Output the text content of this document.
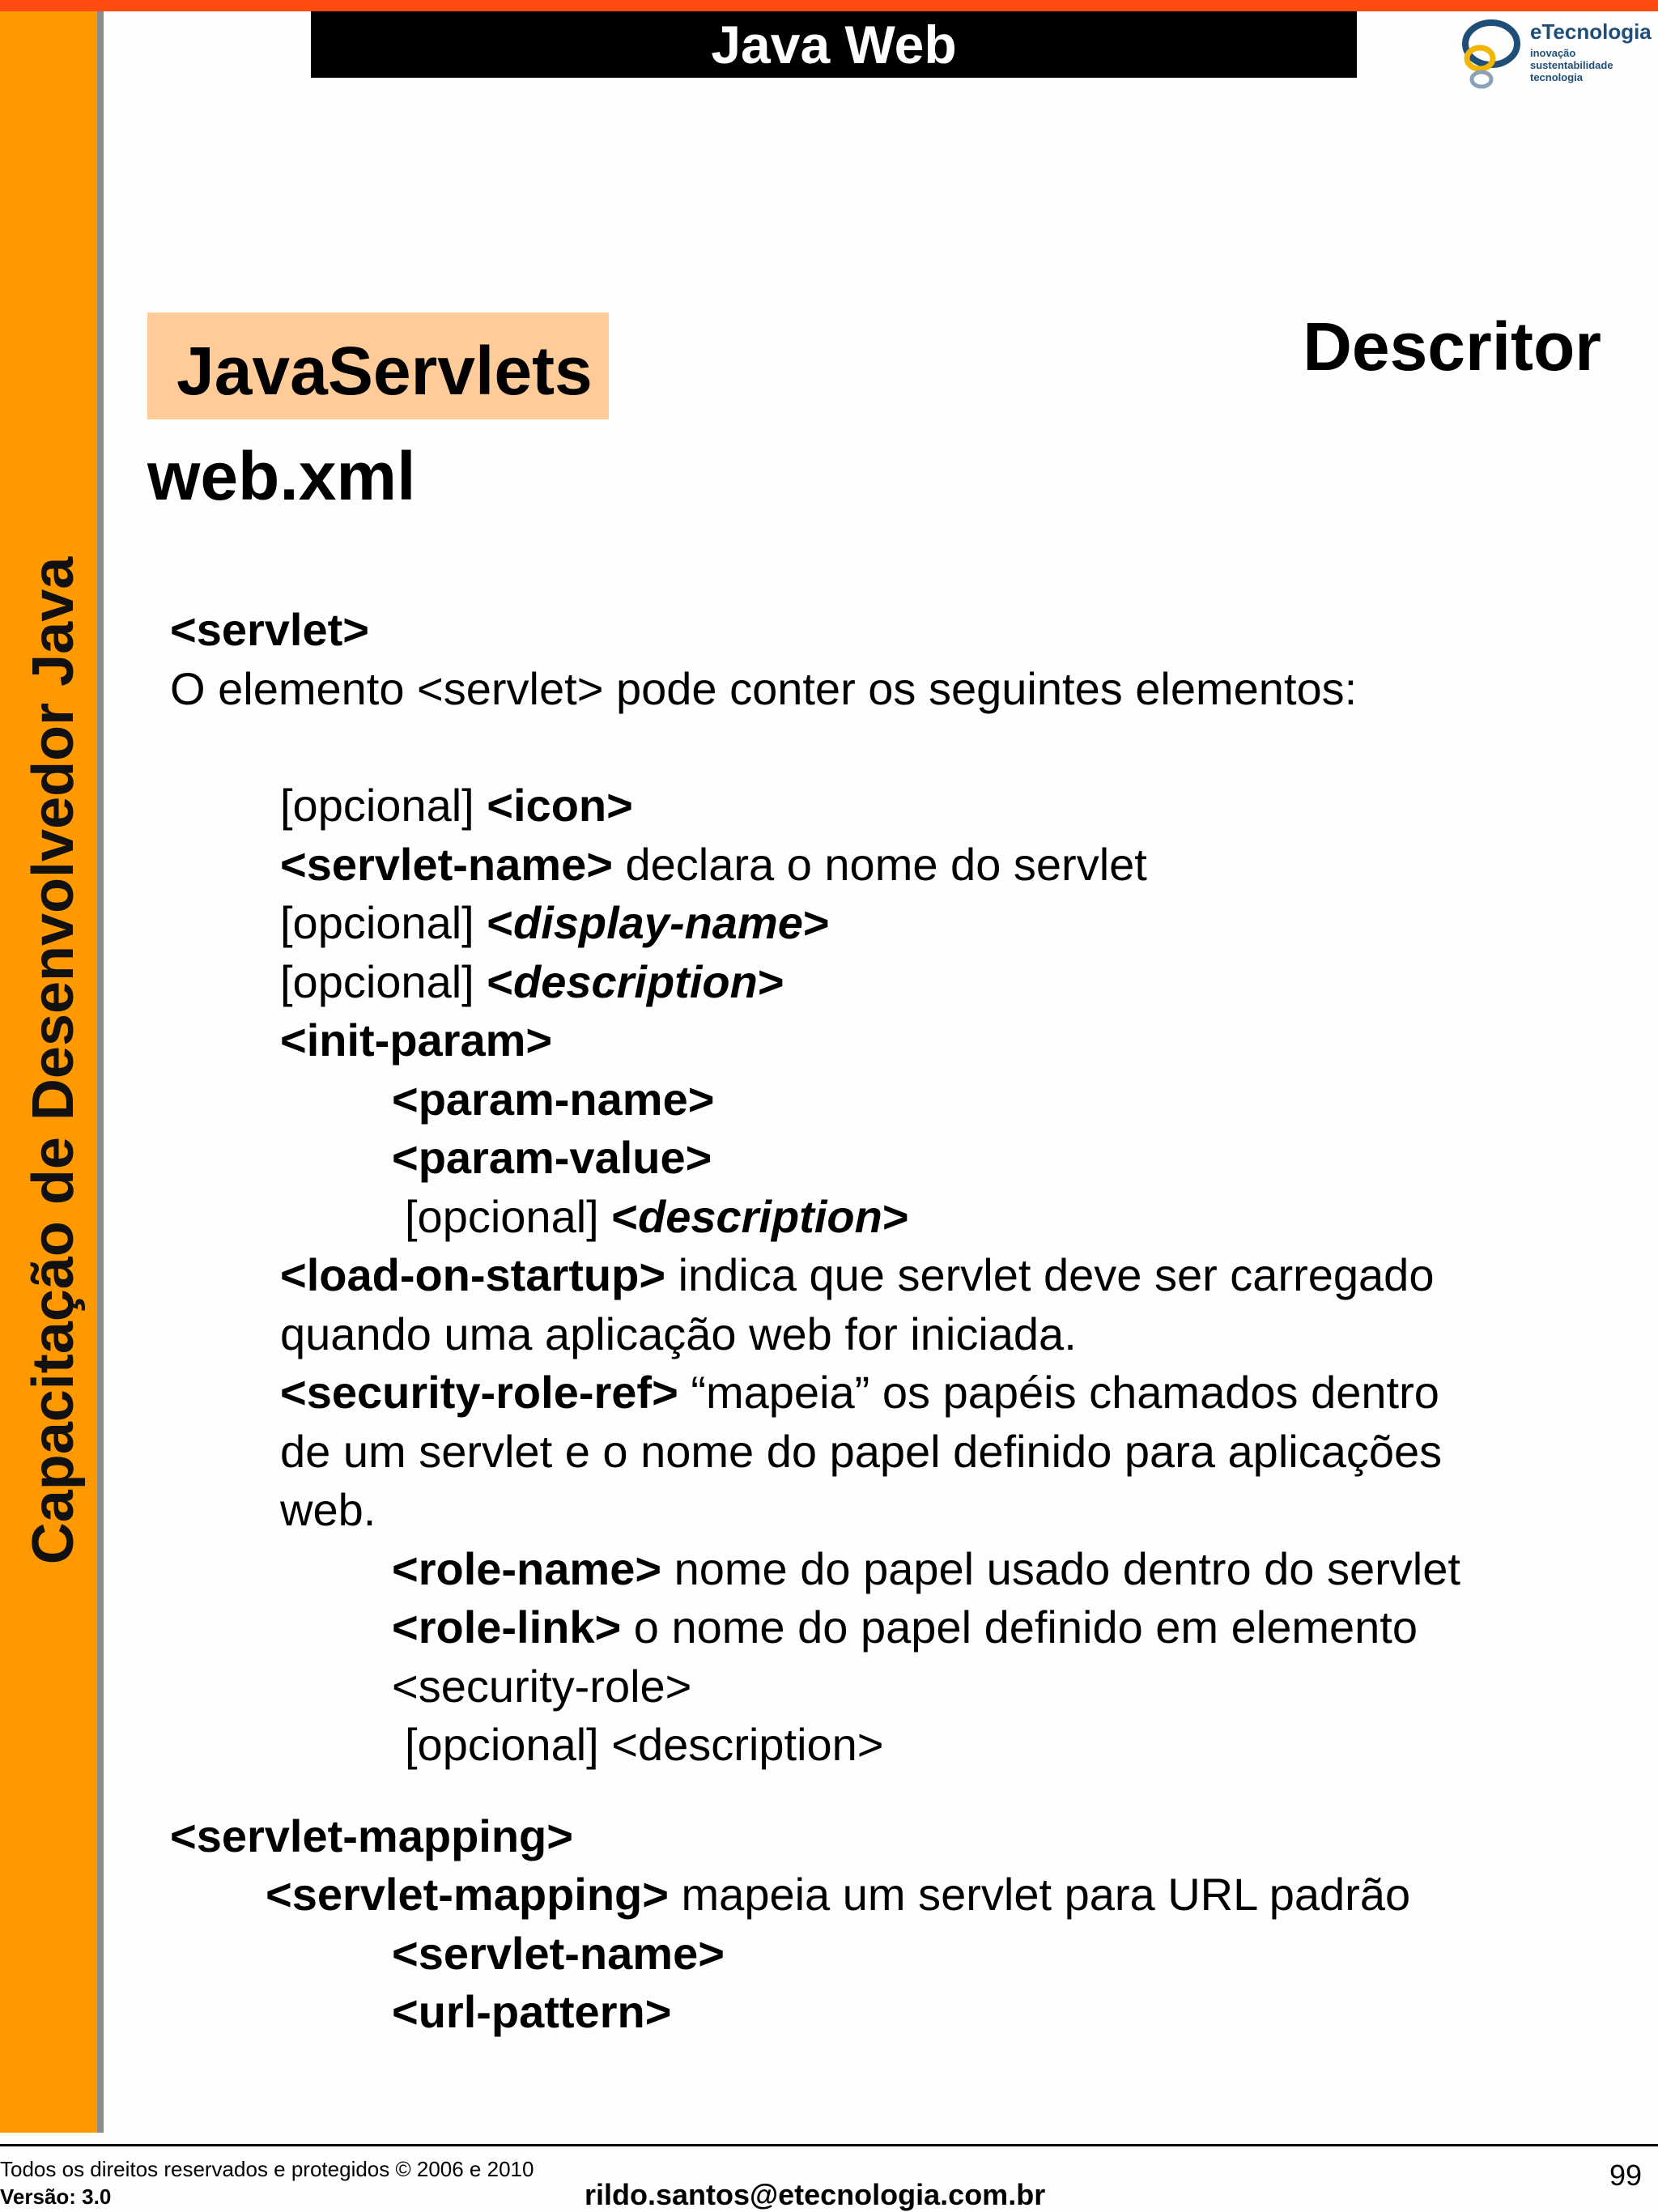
Capacitação de Desenvolvedor Java
Java Web	eTecnologia
inovação
sustentabilidade
tecnologia
JavaServlets	Descritor
web.xml
<servlet>
O elemento <servlet> pode conter os seguintes elementos:
[opcional] <icon>
<servlet-name> declara o nome do servlet
[opcional] <display-name>
[opcional] <description>
<init-param>
<param-name>
<param-value>
[opcional] <description>
<load-on-startup> indica que servlet deve ser carregado
quando uma aplicação web for iniciada.
<security-role-ref> “mapeia” os papéis chamados dentro
de um servlet e o nome do papel definido para aplicações
web.
<role-name> nome do papel usado dentro do servlet
<role-link> o nome do papel definido em elemento
<security-role>
[opcional] <description>
<servlet-mapping>
<servlet-mapping> mapeia um servlet para URL padrão
<servlet-name>
<url-pattern>
Todos os direitos reservados e protegidos © 2006 e 2010
Versão: 3.0	rildo.santos@etecnologia.com.br
99
